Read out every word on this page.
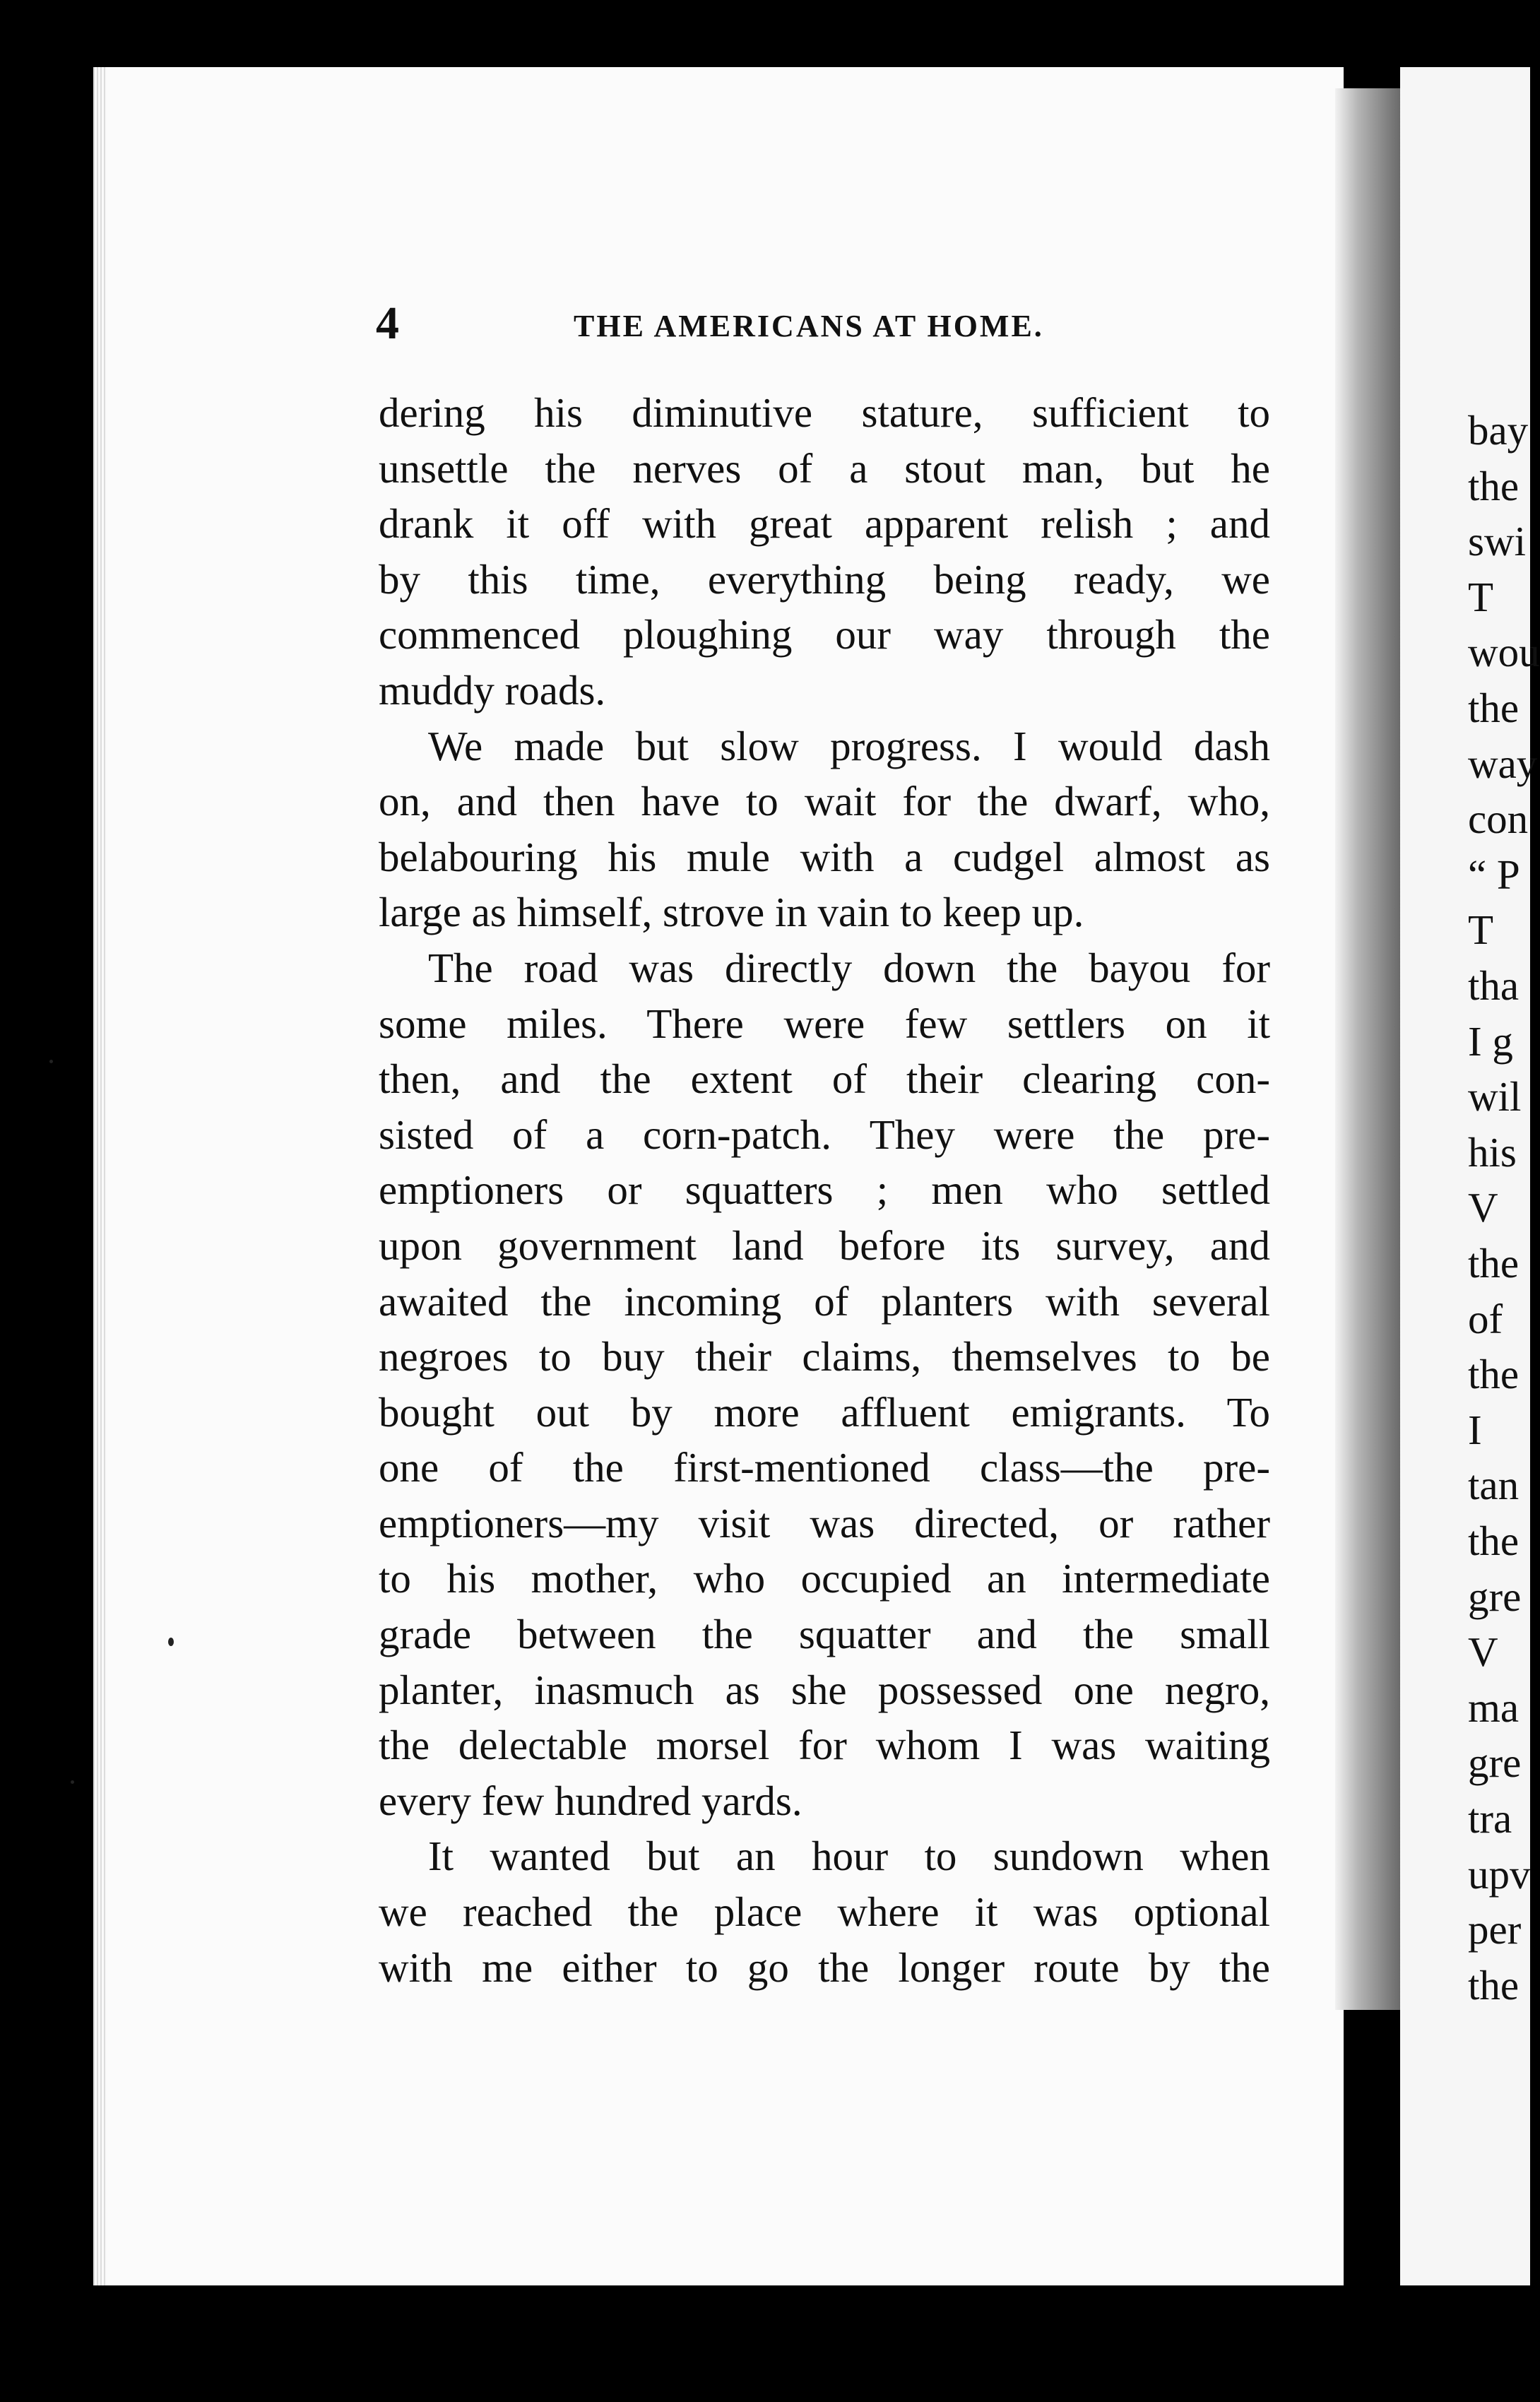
4	THE AMERICANS AT HOME.
dering his diminutive stature, sufficient to
unsettle the nerves of a stout man, but he
drank it off with great apparent relish ; and
by this time, everything being ready, we
commenced ploughing our way through the
muddy roads.
We made but slow progress. I would dash
on, and then have to wait for the dwarf, who,
belabouring his mule with a cudgel almost as
large as himself, strove in vain to keep up.
The road was directly down the bayou for
some miles. There were few settlers on it
then, and the extent of their clearing con-
sisted of a corn-patch. They were the pre-
emptioners or squatters ; men who settled
upon government land before its survey, and
awaited the incoming of planters with several
negroes to buy their claims, themselves to be
bought out by more affluent emigrants. To
one of the first-mentioned class—the pre-
emptioners—my visit was directed, or rather
to his mother, who occupied an intermediate
grade between the squatter and the small
planter, inasmuch as she possessed one negro,
the delectable morsel for whom I was waiting
every few hundred yards.
It wanted but an hour to sundown when
we reached the place where it was optional
with me either to go the longer route by the
bay
the
swi
T
wou
the
way
con
“ P
T
tha
I g
wil
his
V
the
of
the
I
tan
the
gre
V
ma
gre
tra
upv
per
the
